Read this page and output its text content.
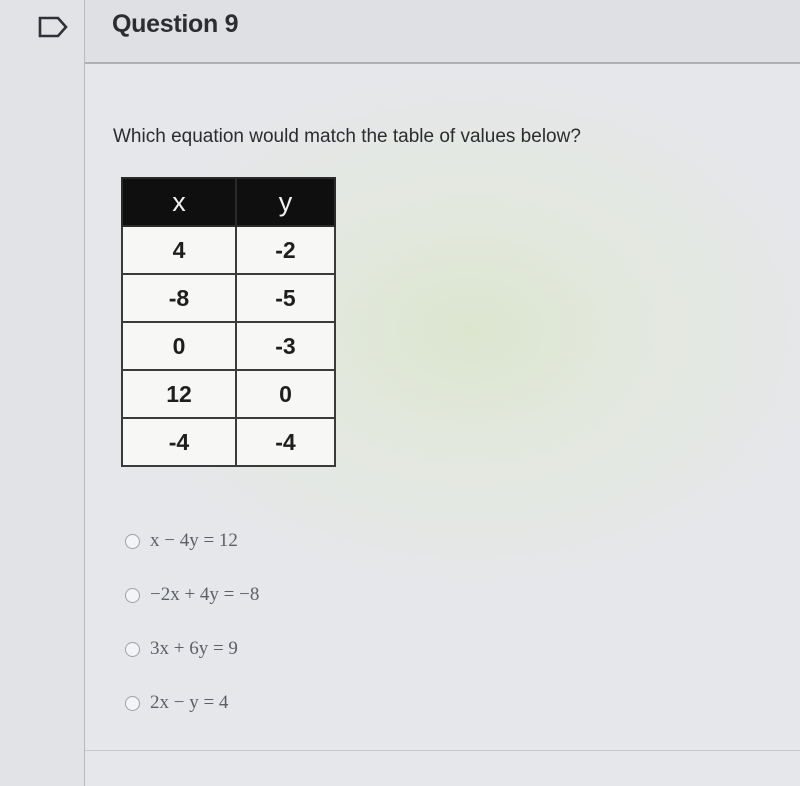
Question 9
Which equation would match the table of values below?
x	y
4	-2
-8	-5
0	-3
12	0
-4	-4
x − 4y = 12
−2x + 4y = −8
3x + 6y = 9
2x − y = 4
